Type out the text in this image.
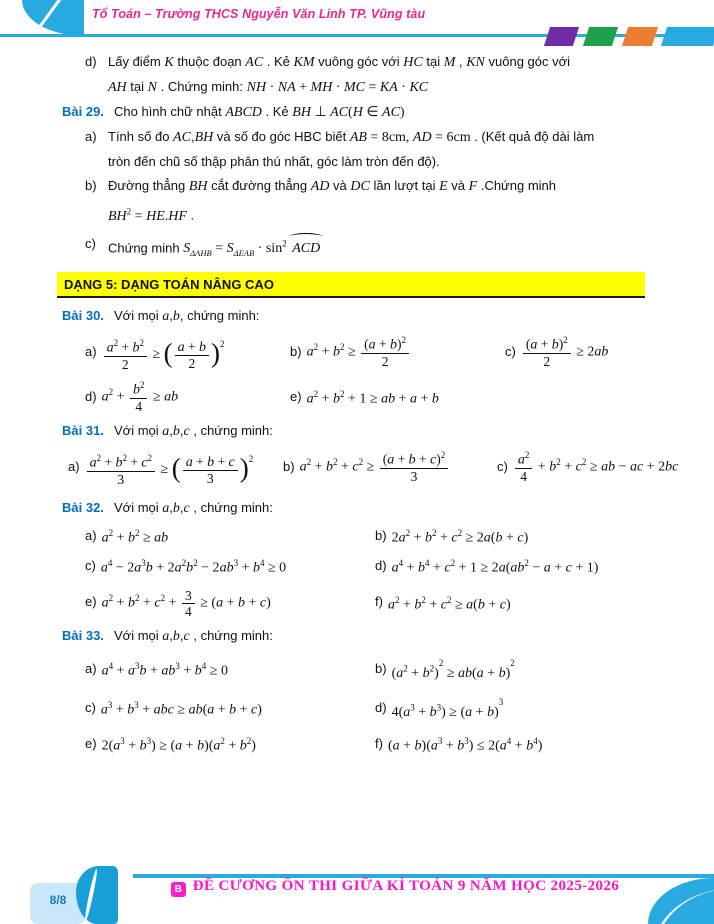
Tổ Toán – Trường THCS Nguyễn Văn Linh TP. Vũng tàu

d) Lấy điểm K thuộc đoạn AC . Kẻ KM vuông góc với HC tại M , KN vuông góc với
AH tại N . Chứng minh: NH · NA + MH · MC = KA · KC

Bài 29. Cho hình chữ nhật ABCD . Kẻ BH ⊥ AC(H ∈ AC)

a) Tính số đo AC,BH và số đo góc HBC biết AB = 8cm, AD = 6cm . (Kết quả độ dài làm
tròn đến chũ số thập phân thú nhất, góc làm tròn đến độ).

b) Đường thẳng BH cắt đường thẳng AD và DC lần lượt tại E và F .Chứng minh
$BH^2 = HE.HF$ .

c) Chứng minh $S_{\Delta AHB} = S_{\Delta EAB} \cdot \sin^2$ ACD

DẠNG 5: DẠNG TOÁN NÂNG CAO

Bài 30. Với mọi a,b, chứng minh:

$a) \frac{a^2 + b^2}{2}$ ≥ ( $\frac{a + b}{2} )^2$	b) $a^2 + b^2 \ge \frac{(a + b)^2}{2}$	$c) \frac{(a + b)^2}{2} \ge 2ab$
d) $a^2 + \frac{b^2}{4}$ ≥ ab	e) $a^2 + b^2 + 1$ ≥ ab + a + b

Bài 31. Với mọi a,b,c , chứng minh:

$a) \frac{a^2 + b^2 + c^2}{3}$ ≥ ( $\frac{a + b + c}{3} )^2$ b) $a^2 + b^2 + c^2 \ge \frac{(a + b + c)^2}{3}$	$c) \frac{a^2}{4} + b^2 + c^2$ ≥ ab − ac + 2bc

Bài 32. Với mọi a,b,c , chứng minh:

a) $a^2 + b^2$ ≥ ab	b) $2a^2 + b^2 + c^2 \ge 2a(b + c)$
c) $a^4 - 2a^3b + 2a^2b^2 - 2ab^3 + b^4 \ge 0$	d) $a^4 + b^4 + c^2 + 1 \ge 2a(ab^2 - a + c + 1)$
e) $a^2 + b^2 + c^2 + \frac{3}{4} \ge (a + b + c)$	f) $a^2 + b^2 + c^2 \ge a(b + c)$

Bài 33. Với mọi a,b,c , chứng minh:

a) $a^4 + a^3b + ab^3 + b^4 \ge 0$	b) $(a^2 + b^2)^2 \ge ab(a + b)^2$
c) $a^3 + b^3$ + abc ≥ ab(a + b + c)	d) $4(a^3 + b^3) \ge (a + b)^3$
e) $2(a^3 + b^3) \ge (a + b)(a^2 + b^2)$	f) $(a + b)(a^3 + b^3) \le 2(a^4 + b^4)$
8/8
B ĐỀ CƯƠNG ÔN THI GIỮA KÌ TOÁN 9 NĂM HỌC 2025-2026
